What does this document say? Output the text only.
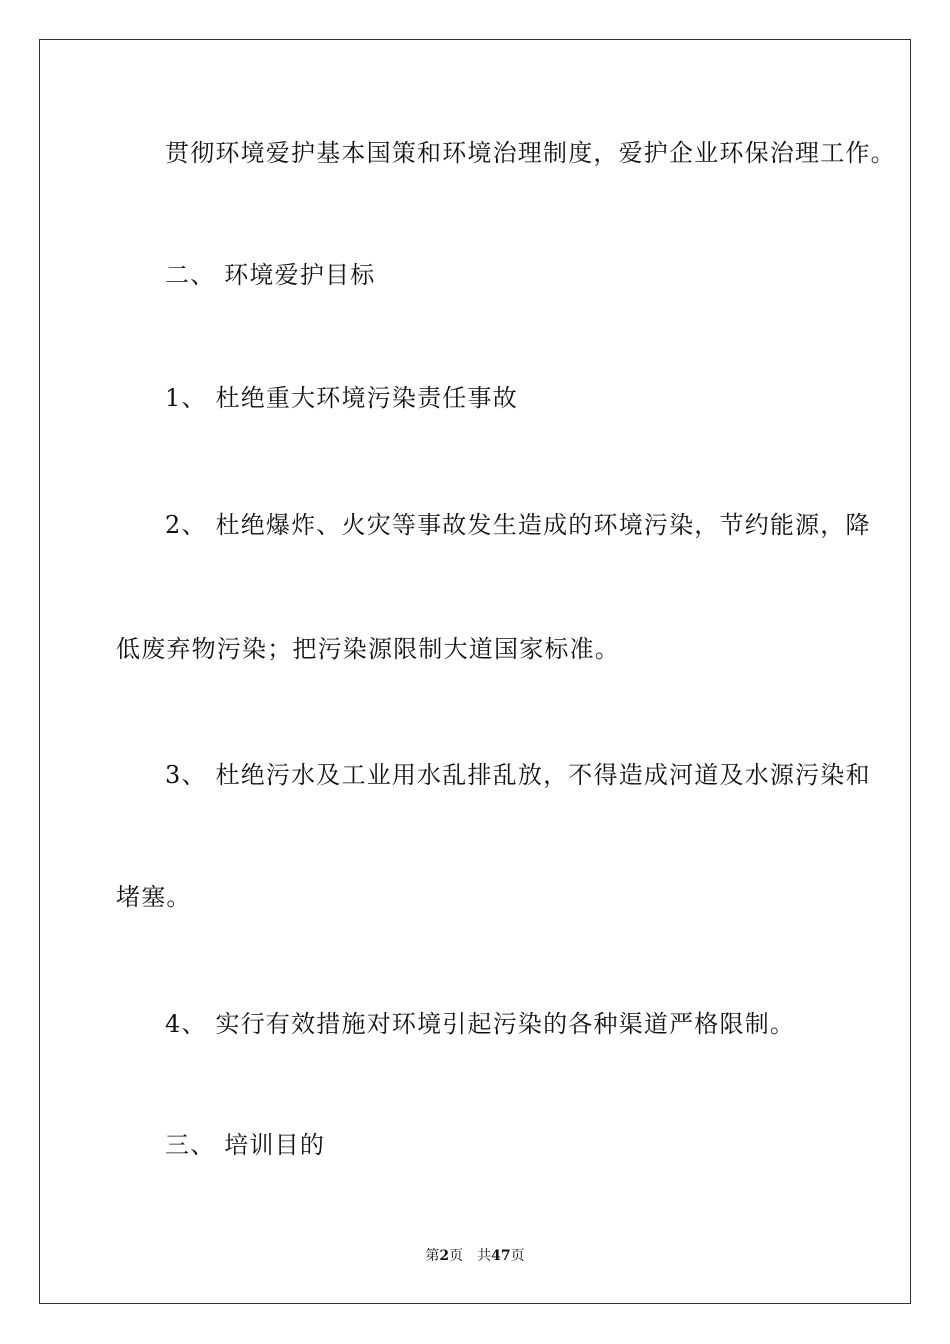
贯彻环境爱护基本国策和环境治理制度，爱护企业环保治理工作。
二、 环境爱护目标
1、 杜绝重大环境污染责任事故
2、 杜绝爆炸、火灾等事故发生造成的环境污染，节约能源，降
低废弃物污染；把污染源限制大道国家标准。
3、 杜绝污水及工业用水乱排乱放，不得造成河道及水源污染和
堵塞。
4、 实行有效措施对环境引起污染的各种渠道严格限制。
三、 培训目的
第2页 共47页
